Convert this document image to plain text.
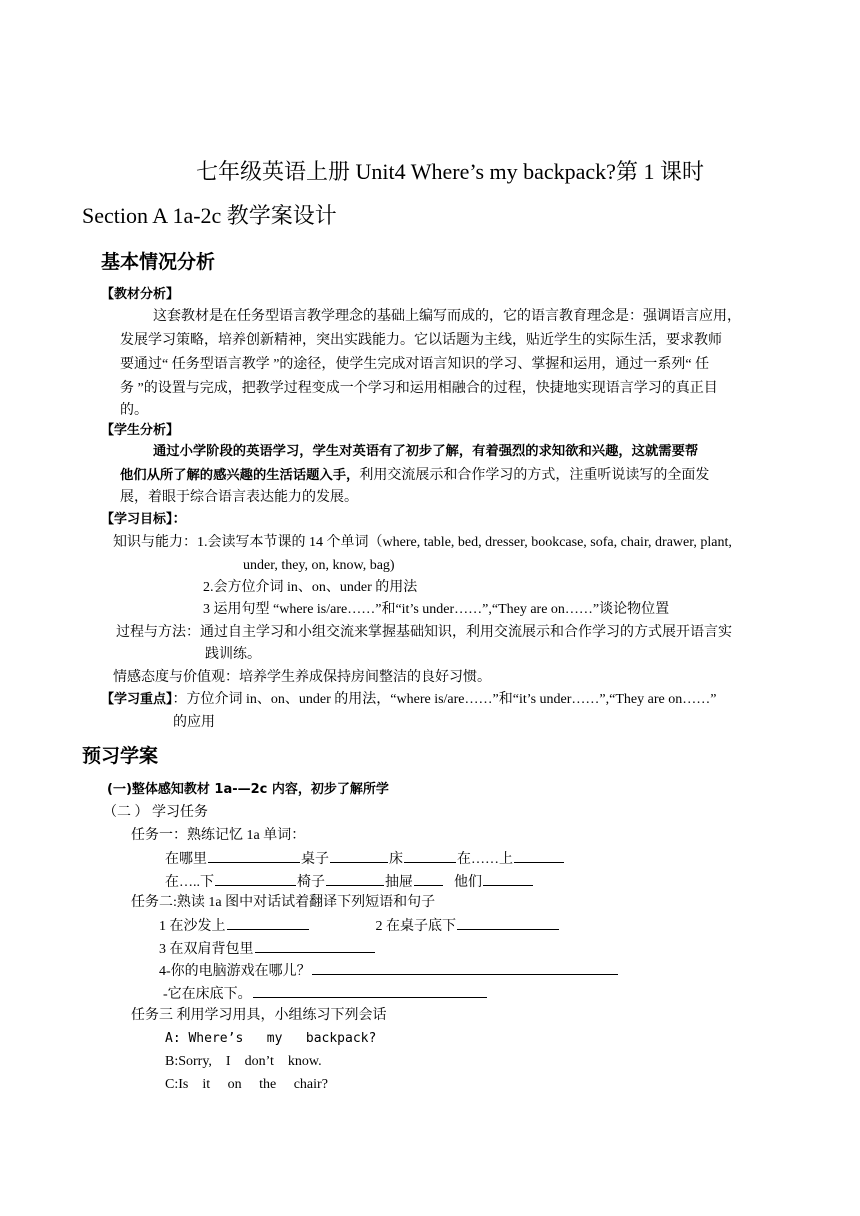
七年级英语上册 Unit4 Where’s my backpack?第 1 课时
Section A 1a-2c 教学案设计
基本情况分析
【教材分析】
这套教材是在任务型语言教学理念的基础上编写而成的，它的语言教育理念是：强调语言应用，
发展学习策略，培养创新精神，突出实践能力。它以话题为主线，贴近学生的实际生活，要求教师
要通过“ 任务型语言教学 ”的途径，使学生完成对语言知识的学习、掌握和运用，通过一系列“ 任
务 ”的设置与完成，把教学过程变成一个学习和运用相融合的过程，快捷地实现语言学习的真正目
的。
【学生分析】
通过小学阶段的英语学习，学生对英语有了初步了解，有着强烈的求知欲和兴趣，这就需要帮
他们从所了解的感兴趣的生活话题入手，利用交流展示和合作学习的方式，注重听说读写的全面发
展，着眼于综合语言表达能力的发展。
【学习目标】：
知识与能力：1.会读写本节课的 14 个单词（where, table, bed, dresser, bookcase, sofa, chair, drawer, plant,
under, they, on, know, bag)
2.会方位介词 in、on、under 的用法
3 运用句型 “where is/are……”和“it’s under……”,“They are on……”谈论物位置
过程与方法：通过自主学习和小组交流来掌握基础知识，利用交流展示和合作学习的方式展开语言实
践训练。
情感态度与价值观：培养学生养成保持房间整洁的良好习惯。
【学习重点】：方位介词 in、on、under 的用法，“where is/are……”和“it’s under……”,“They are on……”
的应用
预习学案
(一)整体感知教材 1a-—2c 内容，初步了解所学
（二 ） 学习任务
任务一：熟练记忆 1a 单词：
在哪里	桌子	床	在……上
在…..下	椅子	抽屉	他们
任务二:熟读 1a 图中对话试着翻译下列短语和句子
1 在沙发上	2 在桌子底下
3 在双肩背包里
4-你的电脑游戏在哪儿？
-它在床底下。
任务三 利用学习用具，小组练习下列会话
A: Where’s   my   backpack?
B:Sorry,    I    don’t    know.
C:Is    it     on     the     chair?
